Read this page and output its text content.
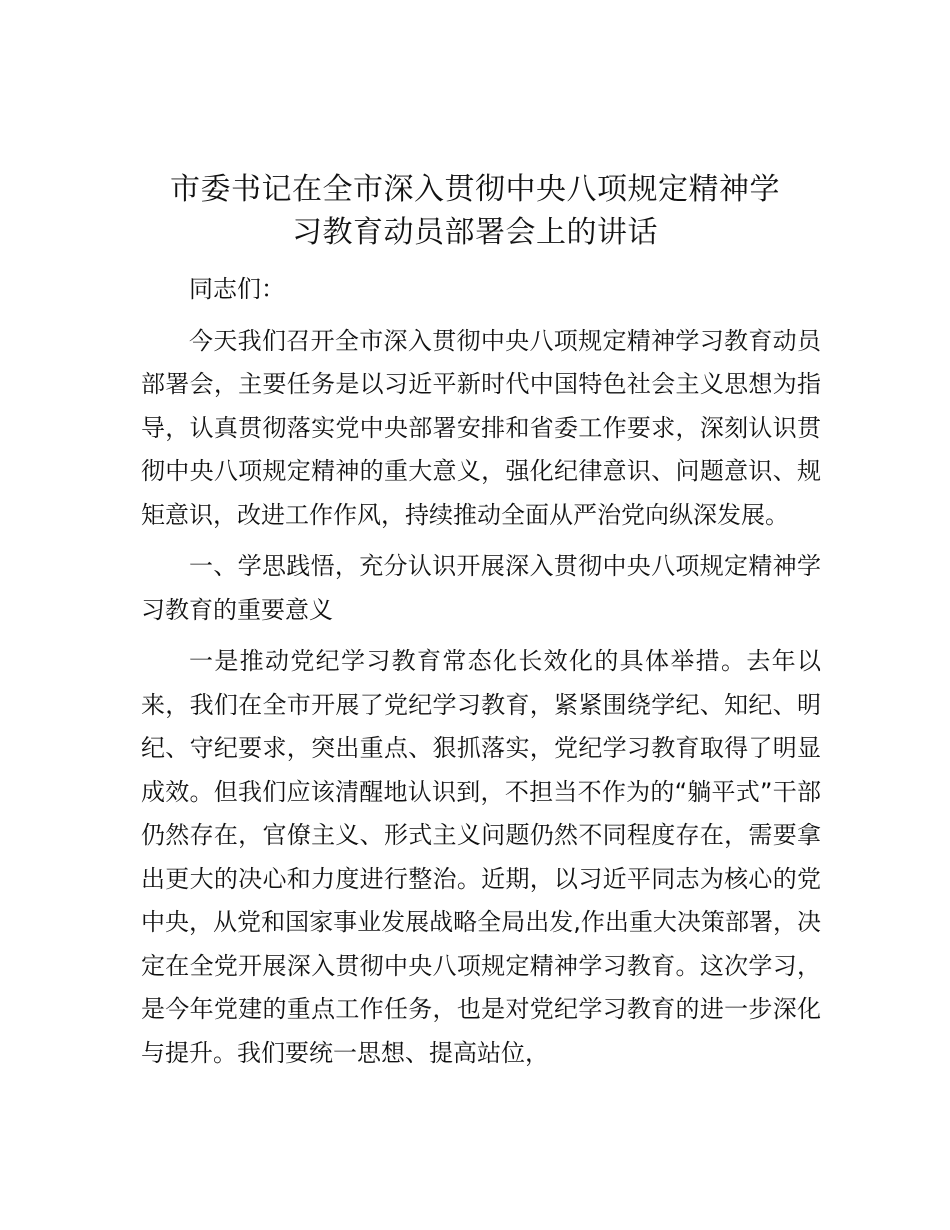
市委书记在全市深入贯彻中央八项规定精神学
习教育动员部署会上的讲话

同志们：

今天我们召开全市深入贯彻中央八项规定精神学习教育动员部署会，主要任务是以习近平新时代中国特色社会主义思想为指导，认真贯彻落实党中央部署安排和省委工作要求，深刻认识贯彻中央八项规定精神的重大意义，强化纪律意识、问题意识、规矩意识，改进工作作风，持续推动全面从严治党向纵深发展。

一、学思践悟，充分认识开展深入贯彻中央八项规定精神学习教育的重要意义

一是推动党纪学习教育常态化长效化的具体举措。去年以来，我们在全市开展了党纪学习教育，紧紧围绕学纪、知纪、明纪、守纪要求，突出重点、狠抓落实，党纪学习教育取得了明显成效。但我们应该清醒地认识到，不担当不作为的“躺平式”干部仍然存在，官僚主义、形式主义问题仍然不同程度存在，需要拿出更大的决心和力度进行整治。近期，以习近平同志为核心的党中央，从党和国家事业发展战略全局出发,作出重大决策部署，决定在全党开展深入贯彻中央八项规定精神学习教育。这次学习，是今年党建的重点工作任务，也是对党纪学习教育的进一步深化与提升。我们要统一思想、提高站位，
